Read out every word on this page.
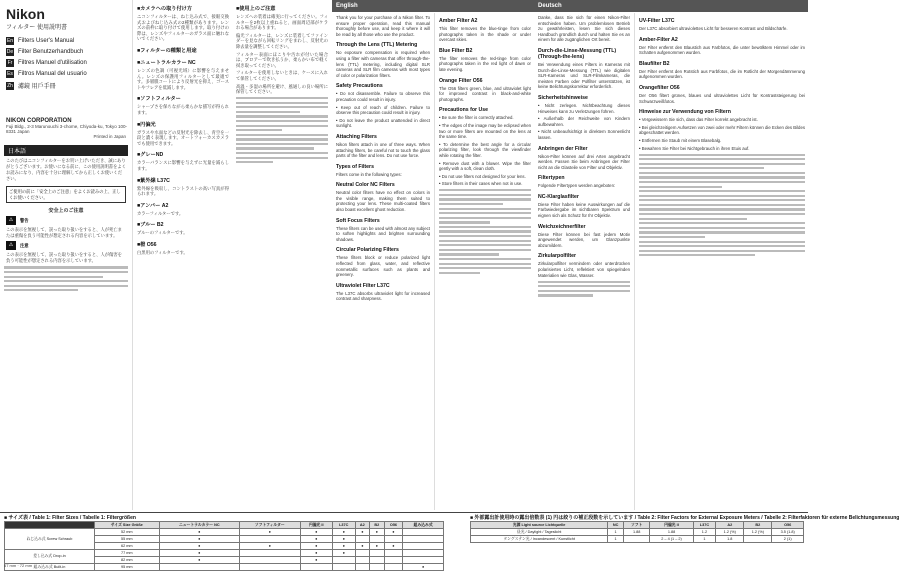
Nikon
フィルター 使用説明書
En Filters User's Manual
De Filter Benutzerhandbuch
Fr Filtres Manuel d'utilisation
Es Filtros Manual del usuario
Zh 濾鏡 用戶手冊
NIKON CORPORATION
Fuji Bldg., 2-3 Marunouchi 3-chome, Chiyoda-ku, Tokyo 100-8331 Japan
Printed in Japan
日本語
このたびはニコンフィルターをお買い上げいただき、誠にありがとうございます。お使いになる前に、この使用説明書をよくお読みになり、内容を十分に理解してから正しくお使いください。
ご使用の前に「安全上のご注意」をよくお読みの上、正しくお使いください。
安全上のご注意
⚠	警告
この表示を無視して、誤った取り扱いをすると、人が死亡または重傷を負う可能性が想定される内容を示しています。
⚠	注意
この表示を無視して、誤った取り扱いをすると、人が傷害を負う可能性が想定される内容を示しています。
■カメラへの取り付け方
ニコンフィルターは、ねじ込み式で、接眼交換式およびねじ込み式の2種類があります。レンズの前枠に取り付けて使用します。取り付けの際は、レンズやフィルターのガラス面に触れないでください。
■フィルターの種類と用途
■ニュートラルカラー NC
レンズの色調（可視光域）に影響を与えません。レンズの保護用フィルターとして最適です。多層膜コートにより反射光を抑え、ゴーストやフレアを低減します。
■ソフトフィルター
シャープさを保ちながら柔らかな描写が得られます。
■円偏光
ガラスや水面などの反射光を除去し、青空を一段と濃く表現します。オートフォーカスカメラでも使用できます。
■グレーND
カラーバランスに影響を与えずに光量を減らします。
■紫外線 L37C
紫外線を吸収し、コントラストの高い写真が得られます。
■アンバー A2
カラーフィルターです。
■ブルー B2
ブルーのフィルターです。
■橙 O56
白黒用のフィルターです。
■使用上のご注意
レンズへの装着は確実に行ってください。フィルターを2枚以上重ねると、画面周辺部がケラれる場合があります。
偏光フィルターは、レンズに装着してファインダーを見ながら回転リングをまわし、反射光の除去量を調整してください。
フィルター表面にほこりや汚れが付いた場合は、ブロアーで吹き払うか、柔らかい布で軽く拭き取ってください。
フィルターを使用しないときは、ケースに入れて保管してください。
高温・多湿の場所を避け、風通しの良い場所に保管してください。
English
Thank you for your purchase of a Nikon filter. To ensure proper operation, read this manual thoroughly before use, and keep it where it will be read by all those who use the product.
Through the Lens (TTL) Metering
No exposure compensation is required when using a filter with cameras that offer through-the-lens (TTL) metering, including digital SLR cameras and SLR film cameras with most types of color or polarization filters.
Safety Precautions
• Do not disassemble. Failure to observe this precaution could result in injury.
• Keep out of reach of children. Failure to observe this precaution could result in injury.
• Do not leave the product unattended in direct sunlight.
Attaching Filters
Nikon filters attach in one of three ways. When attaching filters, be careful not to touch the glass parts of the filter and lens. Do not use force.
Types of Filters
Filters come in the following types:
Neutral Color NC Filters
Neutral color filters have no effect on colors in the visible range, making them suited to protecting your lens. These multi-coated filters also boast excellent ghost reduction.
Soft Focus Filters
These filters can be used with almost any subject to soften highlights and brighten surrounding shadows.
Circular Polarizing Filters
These filters block or reduce polarized light reflected from glass, water, and reflective nonmetallic surfaces such as plants and greenery.
Ultraviolet Filter L37C
The L37C absorbs ultraviolet light for increased contrast and sharpness.
Amber Filter A2
This filter removes the blue-tinge from color photographs taken in the shade or under overcast skies.
Blue Filter B2
The filter removes the red-tinge from color photographs taken in the red light of dawn or late evening.
Orange Filter O56
The O56 filters green, blue, and ultraviolet light for improved contrast in black-and-white photographs.
Precautions for Use
• Be sure the filter is correctly attached.
• The edges of the image may be eclipsed when two or more filters are mounted on the lens at the same time.
• To determine the best angle for a circular polarizing filter, look through the viewfinder while rotating the filter.
• Remove dust with a blower. Wipe the filter gently with a soft, clean cloth.
• Do not use filters not designed for your lens.
• Store filters in their cases when not in use.
Deutsch
Danke, dass Sie sich für einen Nikon-Filter entschieden haben. Um problemlosen Betrieb zu gewährleisten, lesen Sie sich dieses Handbuch gründlich durch und halten Sie es an einem für alle zugänglichen Ort bereit.
Durch-die-Linse-Messung (TTL) (Through-the-lens)
Bei Verwendung eines Filters in Kameras mit Durch-die-Linse-Messung (TTL) wie digitalen SLR-Kameras und SLR-Filmkameras, die meisten Farben oder Polfilter unterstützen, ist keine Belichtungskorrektur erforderlich.
Sicherheitshinweise
• Nicht zerlegen. Nichtbeachtung dieses Hinweises kann zu Verletzungen führen.
• Außerhalb der Reichweite von Kindern aufbewahren.
• Nicht unbeaufsichtigt in direktem Sonnenlicht lassen.
Anbringen der Filter
Nikon-Filter können auf drei Arten angebracht werden. Fassen Sie beim Anbringen der Filter nicht an die Glasteile von Filter und Objektiv.
Filtertypen
Folgende Filtertypen werden angeboten:
NC-Klarglasfilter
Diese Filter haben keine Auswirkungen auf die Farbwiedergabe im sichtbaren Spektrum und eignen sich als Schutz für Ihr Objektiv.
Weichzeichnerfilter
Diese Filter können bei fast jedem Motiv angewendet werden, um Glanzpunkte abzumildern.
Zirkularpolfilter
Zirkularpolfilter vermindern oder unterdrücken polarisiertes Licht, reflektiert von spiegelnden Materialien wie Glas, Wasser.
UV-Filter L37C
Der L37C absorbiert ultraviolettes Licht für besseren Kontrast und Bildschärfe.
Amber-Filter A2
Der Filter entfernt den Blaustich aus Farbfotos, die unter bewölktem Himmel oder im Schatten aufgenommen wurden.
Blaufilter B2
Der Filter entfernt den Rotstich aus Farbfotos, die im Rotlicht der Morgendämmerung aufgenommen wurden.
Orangefilter O56
Der O56 filtert grünes, blaues und ultraviolettes Licht für Kontraststeigerung bei Schwarzweißfotos.
Hinweise zur Verwendung von Filtern
• Vergewissern Sie sich, dass das Filter korrekt angebracht ist.
• Bei gleichzeitigem Aufsetzen von zwei oder mehr Filtern können die Ecken des Bildes abgeschattet werden.
• Entfernen Sie Staub mit einem Blasebalg.
• Bewahren Sie Filter bei Nichtgebrauch in ihren Etuis auf.
■ サイズ表 / Table 1: Filter Sizes / Tabelle 1: Filtergrößen	■ 外部露出計使用時の露出倍数表 (1) 円は絞りの補正段数を示しています / Table 2: Filter Factors for External Exposure Meters / Tabelle 2: Filterfaktoren für externe Belichtungsmessung
	サイズ Size Größe	ニュートラルカラー NC	ソフトフィルター	円偏光 II	L37C	A2	B2	O56	組み込み式
ねじ込み式 Screw Schraub	52 mm	●	●	●	●	●	●	●	
	55 mm	●		●	●				
	62 mm	●	●	●	●	●	●	●	
差し込み式 Drop-in	77 mm	●		●	●				
	82 mm	●		●					
組み込み式 Built-in	95 mm								●
光源 Light source Lichtquelle	NC	ソフト	円偏光 II	L37C	A2	B2	O56
昼光 / Daylight / Tageslicht	1	1.88	1.88	1.2	1.2 (%)	1.2 (%)	3.5 (1.8)
タングステン光 / Incandescent / Kunstlicht	1		2 – 4 (1 – 2)	1	1.8		2 (1)
67 mm · 72 mm
